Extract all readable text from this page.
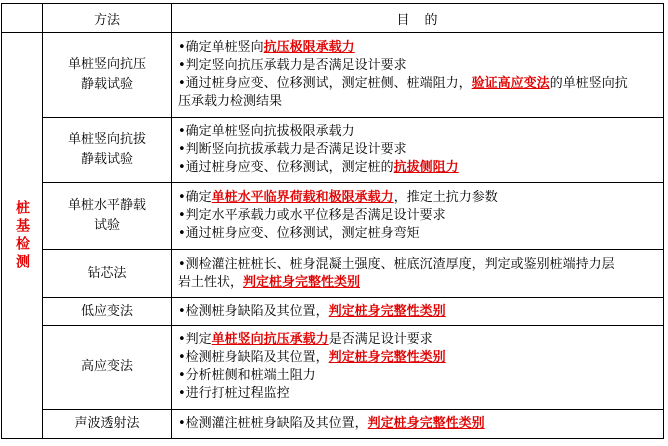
	方法	目　的
桩基检测	单桩竖向抗压
静载试验	•确定单桩竖向抗压极限承载力
•判定竖向抗压承载力是否满足设计要求
•通过桩身应变、位移测试，测定桩侧、桩端阻力，验证高应变法的单桩竖向抗
压承载力检测结果

	单桩竖向抗拔
静载试验	•确定单桩竖向抗拔极限承载力
•判断竖向抗拔承载力是否满足设计要求
•通过桩身应变、位移测试，测定桩的抗拔侧阻力

	单桩水平静载
试验	•确定单桩水平临界荷载和极限承载力，推定土抗力参数
•判定水平承载力或水平位移是否满足设计要求
•通过桩身应变、位移测试，测定桩身弯矩

	钻芯法	•测检灌注桩桩长、桩身混凝土强度、桩底沉渣厚度，判定或鉴别桩端持力层
岩土性状，判定桩身完整性类别

	低应变法	•检测桩身缺陷及其位置，判定桩身完整性类别

	高应变法	•判定单桩竖向抗压承载力是否满足设计要求
•检测桩身缺陷及其位置，判定桩身完整性类别
•分析桩侧和桩端土阻力
•进行打桩过程监控

	声波透射法	•检测灌注桩桩身缺陷及其位置，判定桩身完整性类别
